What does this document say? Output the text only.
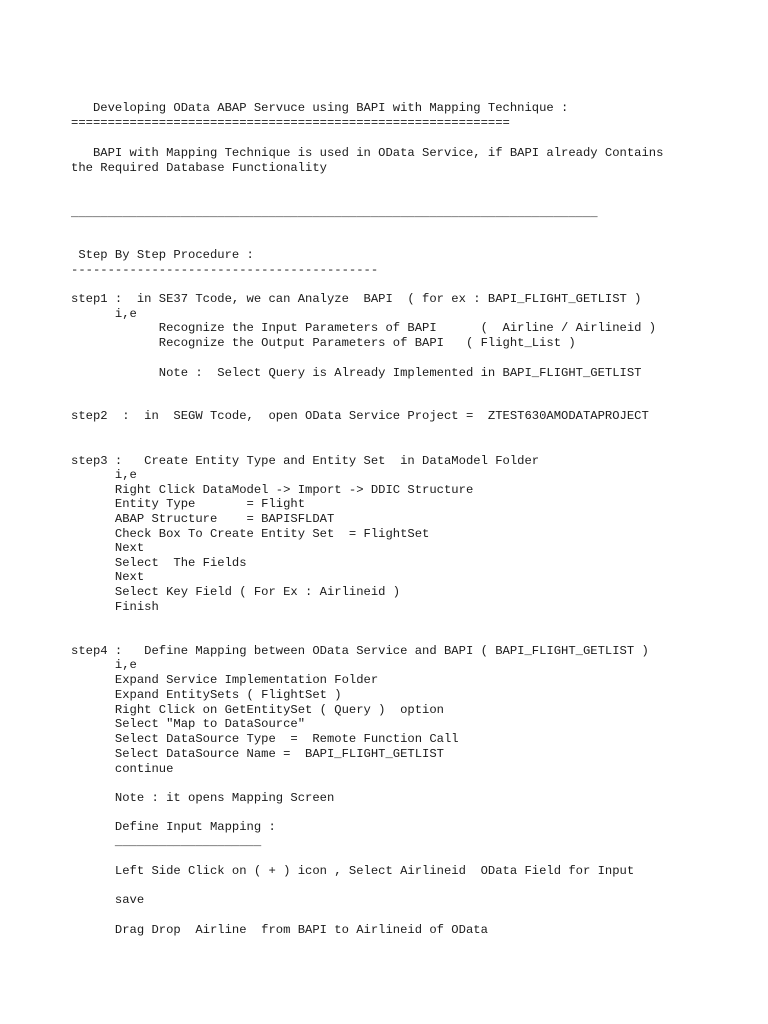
Developing OData ABAP Servuce using BAPI with Mapping Technique :

============================================================

BAPI with Mapping Technique is used in OData Service, if BAPI already Contains

the Required Database Functionality

________________________________________________________________________

Step By Step Procedure :

------------------------------------------

step1 :  in SE37 Tcode, we can Analyze  BAPI  ( for ex : BAPI_FLIGHT_GETLIST )

i,e

Recognize the Input Parameters of BAPI      (  Airline / Airlineid )

Recognize the Output Parameters of BAPI   ( Flight_List )

Note :  Select Query is Already Implemented in BAPI_FLIGHT_GETLIST

step2  :  in  SEGW Tcode,  open OData Service Project =  ZTEST630AMODATAPROJECT

step3 :   Create Entity Type and Entity Set  in DataModel Folder

i,e

Right Click DataModel -> Import -> DDIC Structure

Entity Type       = Flight

ABAP Structure    = BAPISFLDAT

Check Box To Create Entity Set  = FlightSet

Next

Select  The Fields

Next

Select Key Field ( For Ex : Airlineid )

Finish

step4 :   Define Mapping between OData Service and BAPI ( BAPI_FLIGHT_GETLIST )

i,e

Expand Service Implementation Folder

Expand EntitySets ( FlightSet )

Right Click on GetEntitySet ( Query )  option

Select "Map to DataSource"

Select DataSource Type  =  Remote Function Call

Select DataSource Name =  BAPI_FLIGHT_GETLIST

continue

Note : it opens Mapping Screen

Define Input Mapping :

____________________

Left Side Click on ( + ) icon , Select Airlineid  OData Field for Input

save

Drag Drop  Airline  from BAPI to Airlineid of OData
